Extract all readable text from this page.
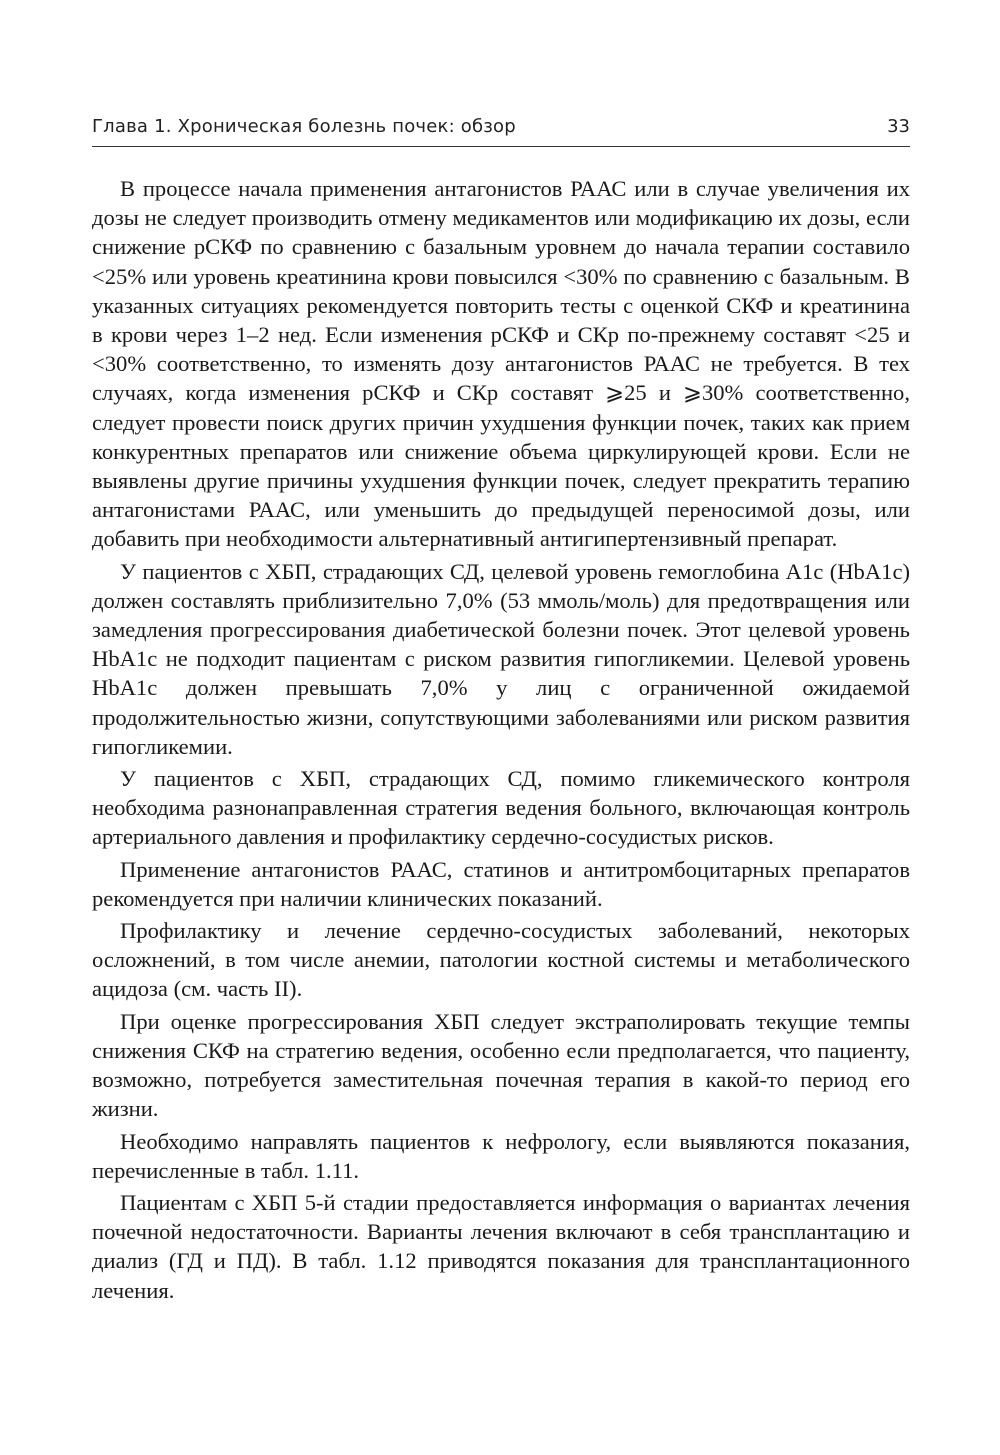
Глава 1. Хроническая болезнь почек: обзор	33

В процессе начала применения антагонистов РААС или в случае увеличения их дозы не следует производить отмену медикаментов или модификацию их дозы, если снижение рСКФ по сравнению с базальным уровнем до начала терапии составило <25% или уровень креатинина крови повысился <30% по сравнению с базальным. В указанных ситуациях рекомендуется повторить тесты с оценкой СКФ и креатинина в крови через 1–2 нед. Если изменения рСКФ и СКр по-прежнему составят <25 и <30% соответственно, то изменять дозу антагонистов РААС не требуется. В тех случаях, когда изменения рСКФ и СКр составят ⩾25 и ⩾30% соответственно, следует провести поиск других причин ухудшения функции почек, таких как прием конкурентных препаратов или снижение объема циркулирующей крови. Если не выявлены другие причины ухудшения функции почек, следует прекратить терапию антагонистами РААС, или уменьшить до предыдущей переносимой дозы, или добавить при необходимости альтернативный антигипертензивный препарат.

У пациентов с ХБП, страдающих СД, целевой уровень гемоглобина A1c (HbA1c) должен составлять приблизительно 7,0% (53 ммоль/моль) для предотвращения или замедления прогрессирования диабетической болезни почек. Этот целевой уровень HbA1c не подходит пациентам с риском развития гипогликемии. Целевой уровень HbA1c должен превышать 7,0% у лиц с ограниченной ожидаемой продолжительностью жизни, сопутствующими заболеваниями или риском развития гипогликемии.

У пациентов с ХБП, страдающих СД, помимо гликемического контроля необходима разнонаправленная стратегия ведения больного, включающая контроль артериального давления и профилактику сердечно-сосудистых рисков.

Применение антагонистов РААС, статинов и антитромбоцитарных препаратов рекомендуется при наличии клинических показаний.

Профилактику и лечение сердечно-сосудистых заболеваний, некоторых осложнений, в том числе анемии, патологии костной системы и метаболического ацидоза (см. часть II).

При оценке прогрессирования ХБП следует экстраполировать текущие темпы снижения СКФ на стратегию ведения, особенно если предполагается, что пациенту, возможно, потребуется заместительная почечная терапия в какой-то период его жизни.

Необходимо направлять пациентов к нефрологу, если выявляются показания, перечисленные в табл. 1.11.

Пациентам с ХБП 5-й стадии предоставляется информация о вариантах лечения почечной недостаточности. Варианты лечения включают в себя трансплантацию и диализ (ГД и ПД). В табл. 1.12 приводятся показания для трансплантационного лечения.
